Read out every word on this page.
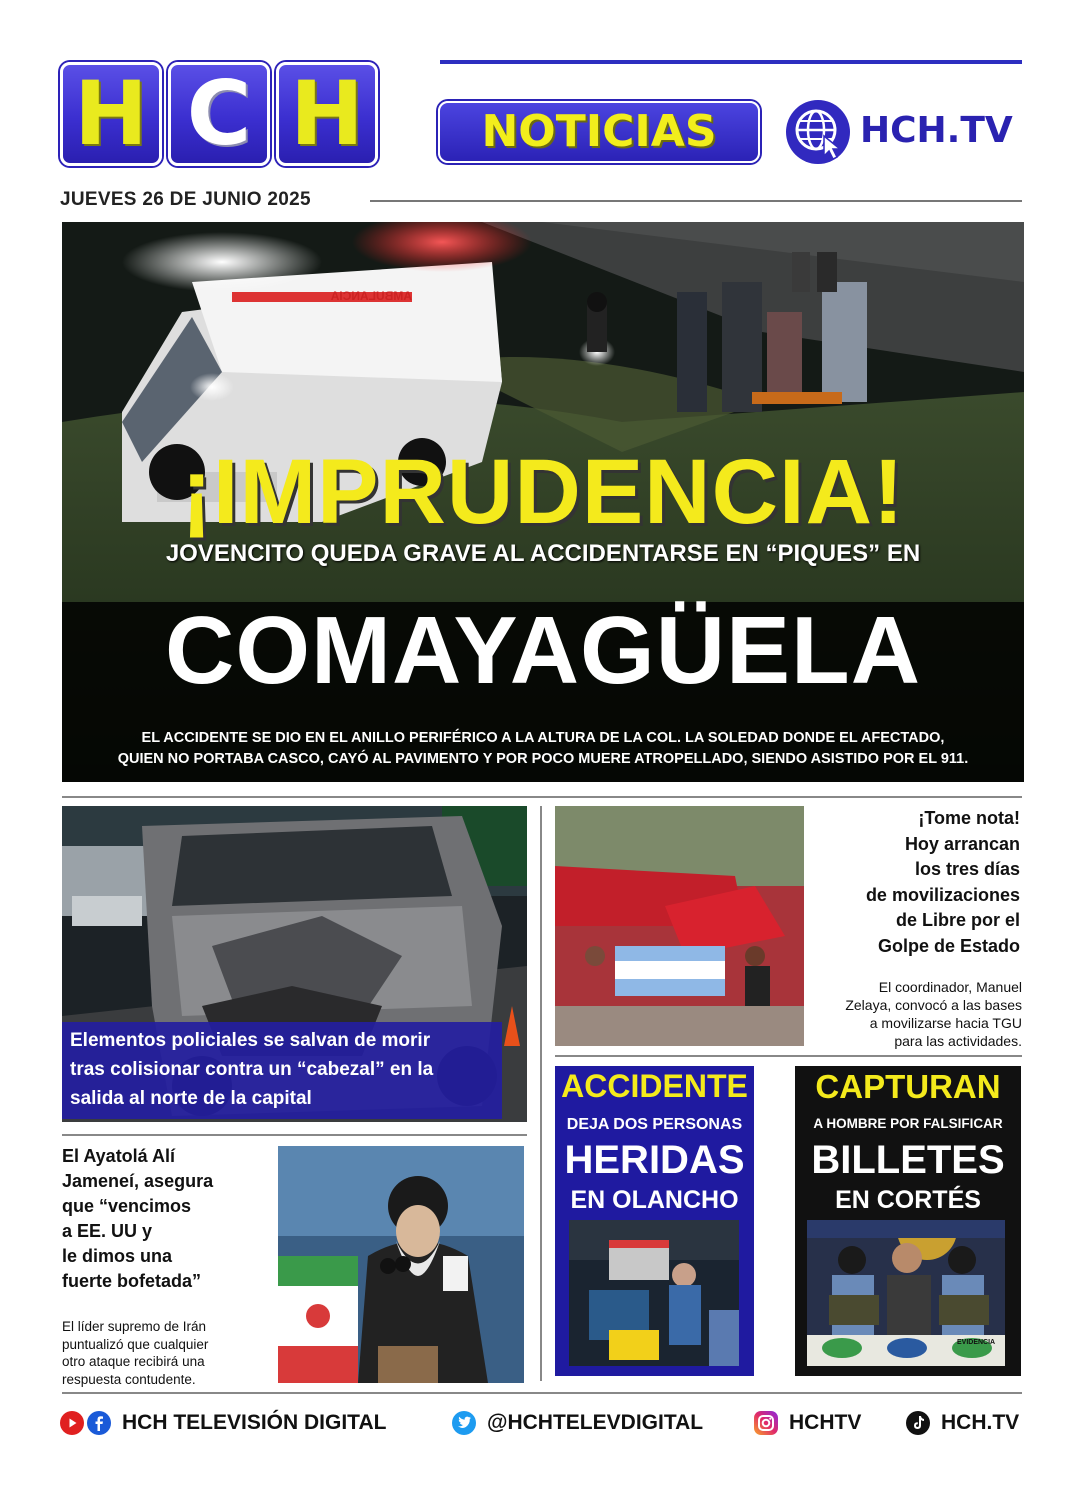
H C H	NOTICIAS	HCH.TV
JUEVES 26 DE JUNIO 2025
AMBULANCIA
¡IMPRUDENCIA!
JOVENCITO QUEDA GRAVE AL ACCIDENTARSE EN “PIQUES” EN
COMAYAGÜELA
EL ACCIDENTE SE DIO EN EL ANILLO PERIFÉRICO A LA ALTURA DE LA COL. LA SOLEDAD DONDE EL AFECTADO,
QUIEN NO PORTABA CASCO, CAYÓ AL PAVIMENTO Y POR POCO MUERE ATROPELLADO, SIENDO ASISTIDO POR EL 911.
Elementos policiales se salvan de morir
tras colisionar contra un “cabezal” en la
salida al norte de la capital
¡Tome nota!
Hoy arrancan
los tres días
de movilizaciones
de Libre por el
Golpe de Estado
El coordinador, Manuel
Zelaya, convocó a las bases
a movilizarse hacia TGU
para las actividades.
El Ayatolá Alí
Jameneí, asegura
que “vencimos
a EE. UU y
le dimos una
fuerte bofetada”
El líder supremo de Irán
puntualizó que cualquier
otro ataque recibirá una
respuesta contudente.
ACCIDENTE
DEJA DOS PERSONAS
HERIDAS
EN OLANCHO
CAPTURAN
A HOMBRE POR FALSIFICAR
BILLETES
EN CORTÉS
EVIDENCIA
HCH TELEVISIÓN DIGITAL	@HCHTELEVDIGITAL	HCHTV	HCH.TV
